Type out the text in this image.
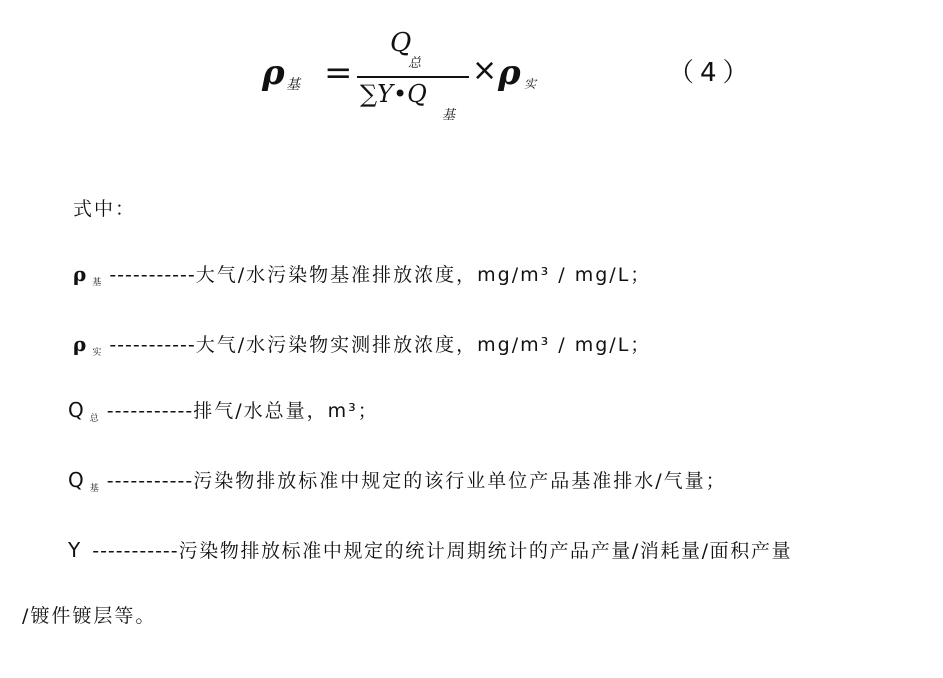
ρ 基 =
Q
总
∑Y•Q
基
× ρ 实	（4）
式中：
ρ 基 -----------大气/水污染物基准排放浓度，mg/m³ / mg/L；
ρ 实 -----------大气/水污染物实测排放浓度，mg/m³ / mg/L；
Q 总 -----------排气/水总量，m³；
Q 基 -----------污染物排放标准中规定的该行业单位产品基准排水/气量；
Y -----------污染物排放标准中规定的统计周期统计的产品产量/消耗量/面积产量
/镀件镀层等。
